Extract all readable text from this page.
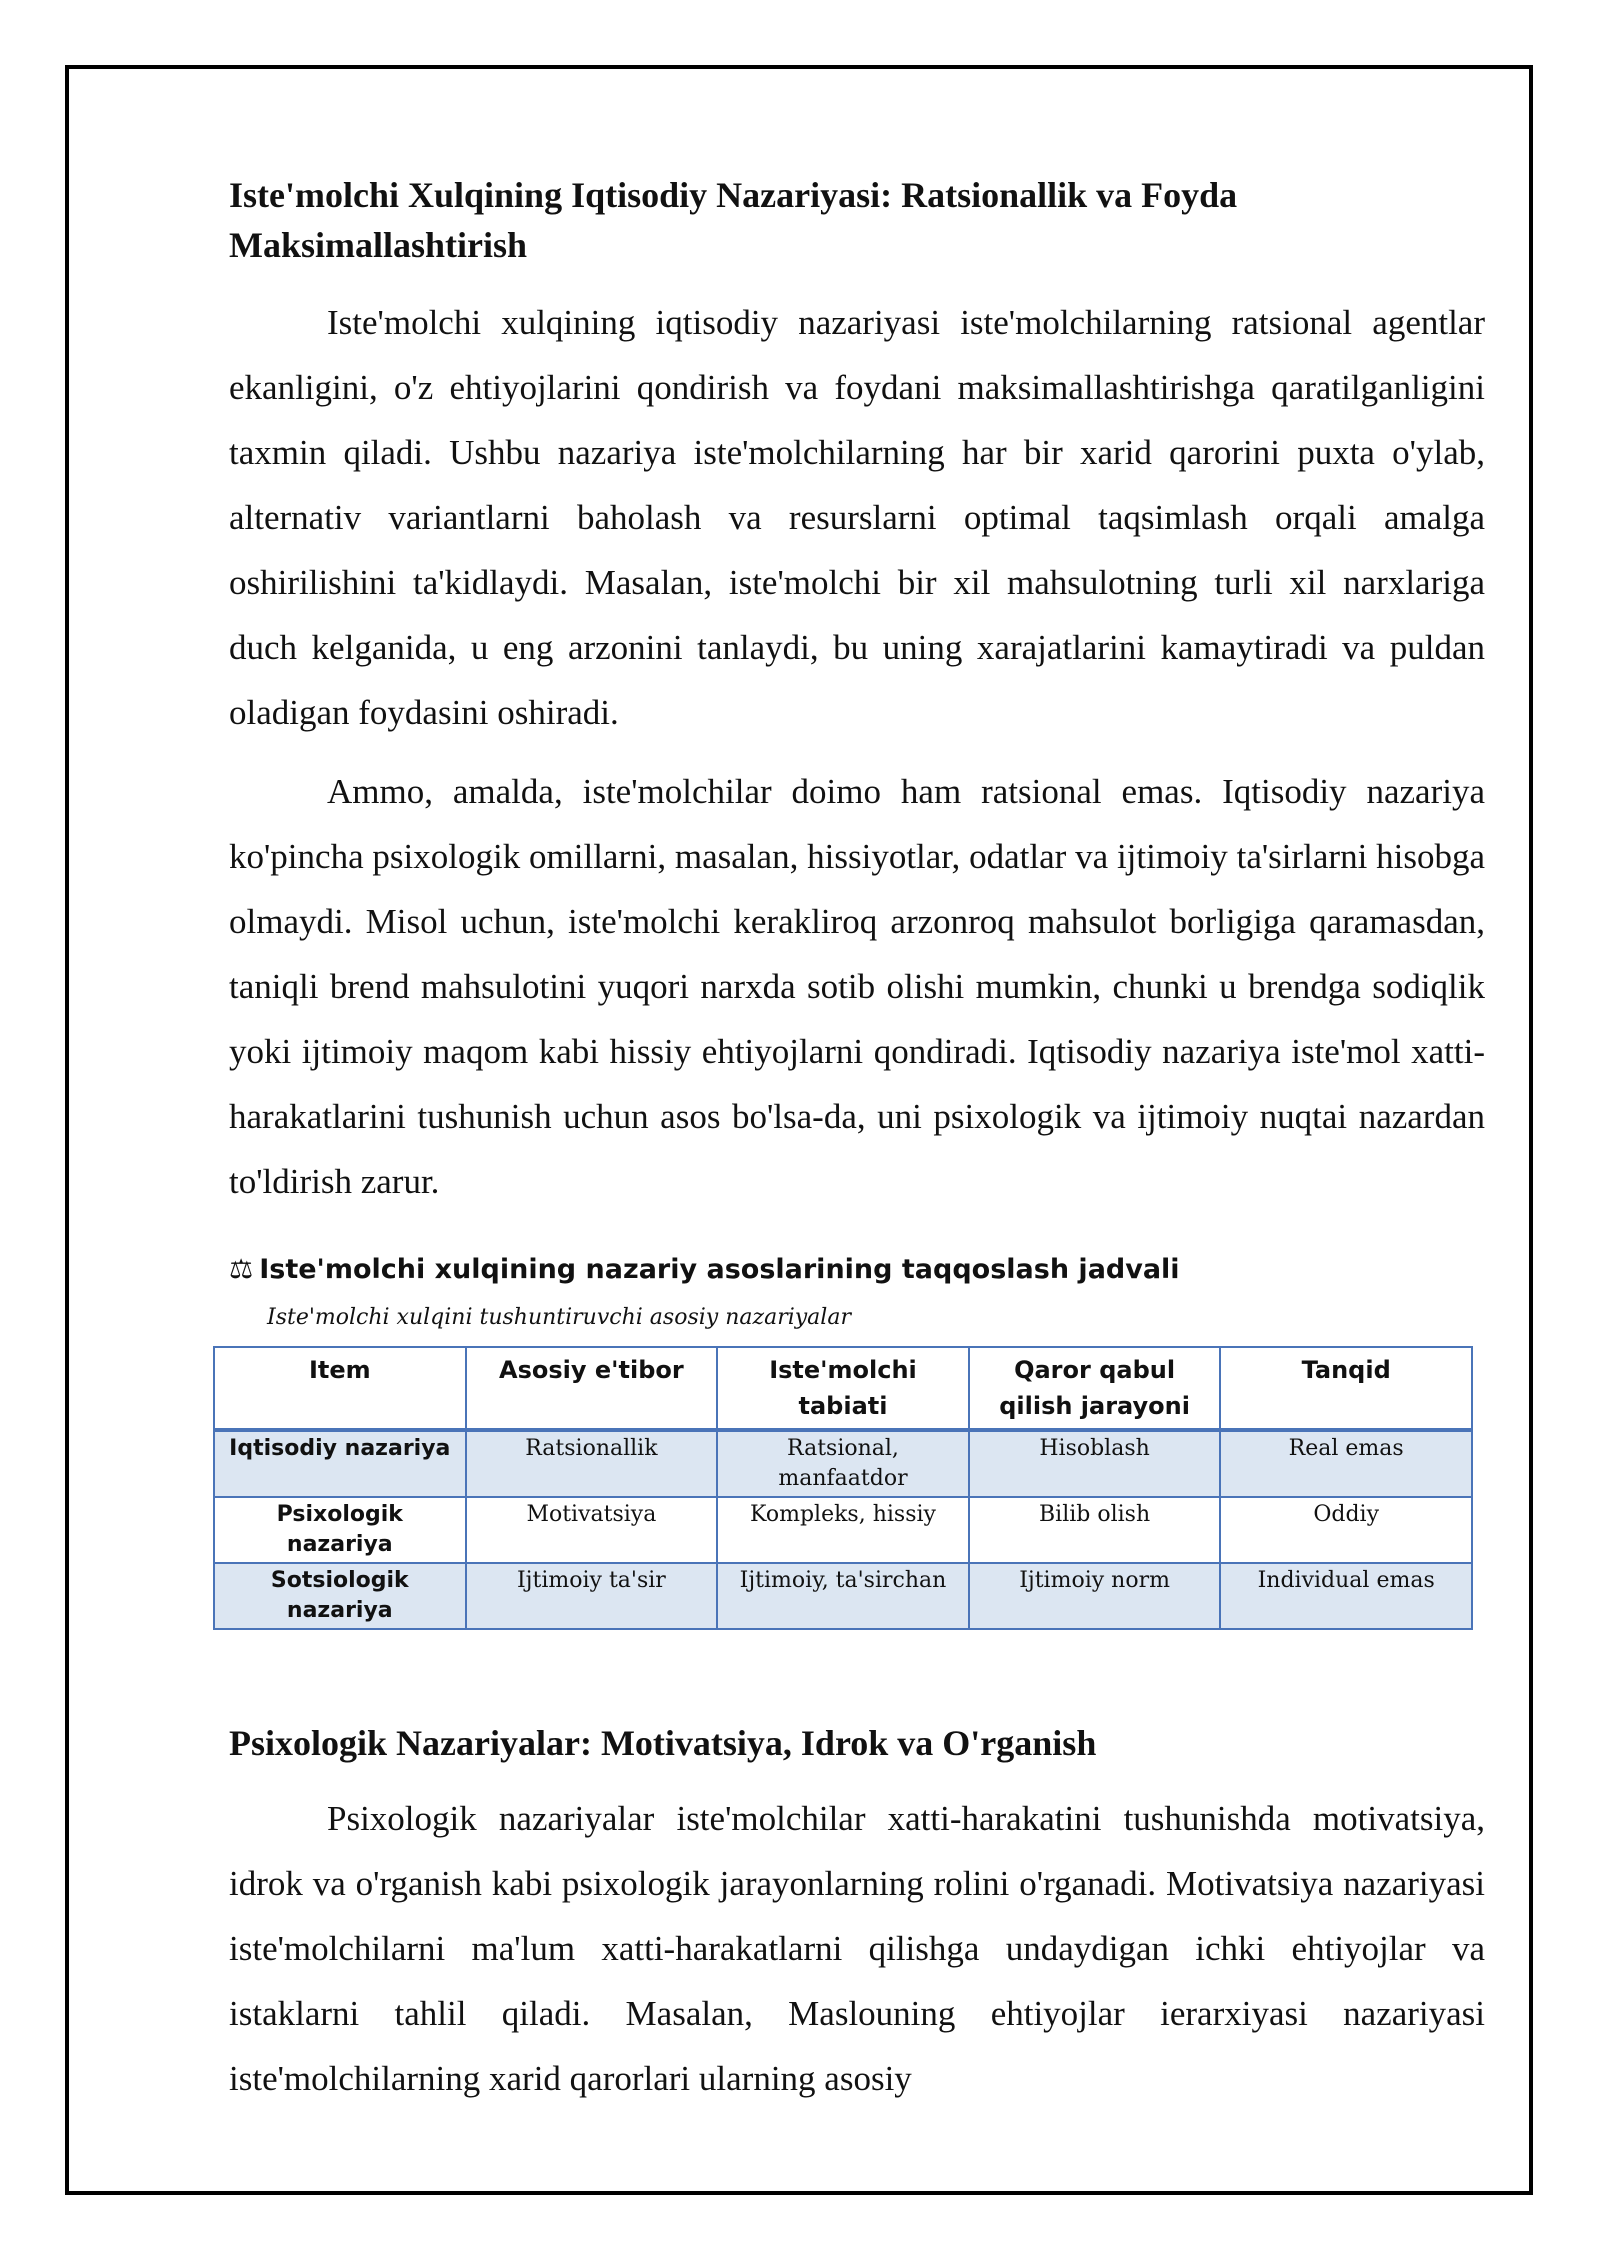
Iste'molchi Xulqining Iqtisodiy Nazariyasi: Ratsionallik va Foyda Maksimallashtirish

Iste'molchi xulqining iqtisodiy nazariyasi iste'molchilarning ratsional agentlar ekanligini, o'z ehtiyojlarini qondirish va foydani maksimallashtirishga qaratilganligini taxmin qiladi. Ushbu nazariya iste'molchilarning har bir xarid qarorini puxta o'ylab, alternativ variantlarni baholash va resurslarni optimal taqsimlash orqali amalga oshirilishini ta'kidlaydi. Masalan, iste'molchi bir xil mahsulotning turli xil narxlariga duch kelganida, u eng arzonini tanlaydi, bu uning xarajatlarini kamaytiradi va puldan oladigan foydasini oshiradi.

Ammo, amalda, iste'molchilar doimo ham ratsional emas. Iqtisodiy nazariya ko'pincha psixologik omillarni, masalan, hissiyotlar, odatlar va ijtimoiy ta'sirlarni hisobga olmaydi. Misol uchun, iste'molchi kerakliroq arzonroq mahsulot borligiga qaramasdan, taniqli brend mahsulotini yuqori narxda sotib olishi mumkin, chunki u brendga sodiqlik yoki ijtimoiy maqom kabi hissiy ehtiyojlarni qondiradi. Iqtisodiy nazariya iste'mol xatti-harakatlarini tushunish uchun asos bo'lsa-da, uni psixologik va ijtimoiy nuqtai nazardan to'ldirish zarur.

⚖ Iste'molchi xulqining nazariy asoslarining taqqoslash jadvali
Iste'molchi xulqini tushuntiruvchi asosiy nazariyalar
Item	Asosiy e'tibor	Iste'molchi tabiati	Qaror qabul qilish jarayoni	Tanqid
Iqtisodiy nazariya	Ratsionallik	Ratsional, manfaatdor	Hisoblash	Real emas
Psixologik nazariya	Motivatsiya	Kompleks, hissiy	Bilib olish	Oddiy
Sotsiologik nazariya	Ijtimoiy ta'sir	Ijtimoiy, ta'sirchan	Ijtimoiy norm	Individual emas
Psixologik Nazariyalar: Motivatsiya, Idrok va O'rganish

Psixologik nazariyalar iste'molchilar xatti-harakatini tushunishda motivatsiya, idrok va o'rganish kabi psixologik jarayonlarning rolini o'rganadi. Motivatsiya nazariyasi iste'molchilarni ma'lum xatti-harakatlarni qilishga undaydigan ichki ehtiyojlar va istaklarni tahlil qiladi. Masalan, Maslouning ehtiyojlar ierarxiyasi nazariyasi iste'molchilarning xarid qarorlari ularning asosiy
